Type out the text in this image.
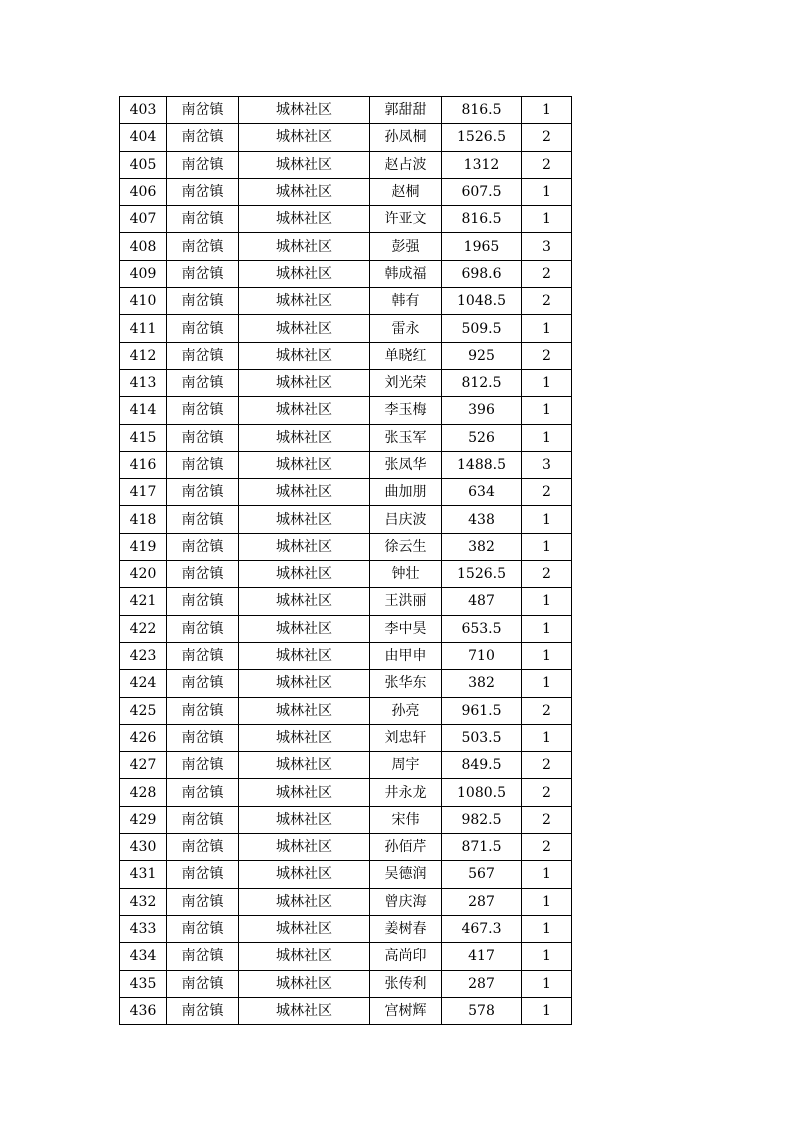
403	南岔镇	城林社区	郭甜甜	816.5	1
404	南岔镇	城林社区	孙凤桐	1526.5	2
405	南岔镇	城林社区	赵占波	1312	2
406	南岔镇	城林社区	赵桐	607.5	1
407	南岔镇	城林社区	许亚文	816.5	1
408	南岔镇	城林社区	彭强	1965	3
409	南岔镇	城林社区	韩成福	698.6	2
410	南岔镇	城林社区	韩有	1048.5	2
411	南岔镇	城林社区	雷永	509.5	1
412	南岔镇	城林社区	单晓红	925	2
413	南岔镇	城林社区	刘光荣	812.5	1
414	南岔镇	城林社区	李玉梅	396	1
415	南岔镇	城林社区	张玉军	526	1
416	南岔镇	城林社区	张凤华	1488.5	3
417	南岔镇	城林社区	曲加朋	634	2
418	南岔镇	城林社区	吕庆波	438	1
419	南岔镇	城林社区	徐云生	382	1
420	南岔镇	城林社区	钟壮	1526.5	2
421	南岔镇	城林社区	王洪丽	487	1
422	南岔镇	城林社区	李中昊	653.5	1
423	南岔镇	城林社区	由甲申	710	1
424	南岔镇	城林社区	张华东	382	1
425	南岔镇	城林社区	孙亮	961.5	2
426	南岔镇	城林社区	刘忠轩	503.5	1
427	南岔镇	城林社区	周宇	849.5	2
428	南岔镇	城林社区	井永龙	1080.5	2
429	南岔镇	城林社区	宋伟	982.5	2
430	南岔镇	城林社区	孙佰芹	871.5	2
431	南岔镇	城林社区	吴德润	567	1
432	南岔镇	城林社区	曾庆海	287	1
433	南岔镇	城林社区	姜树春	467.3	1
434	南岔镇	城林社区	高尚印	417	1
435	南岔镇	城林社区	张传利	287	1
436	南岔镇	城林社区	宫树辉	578	1
